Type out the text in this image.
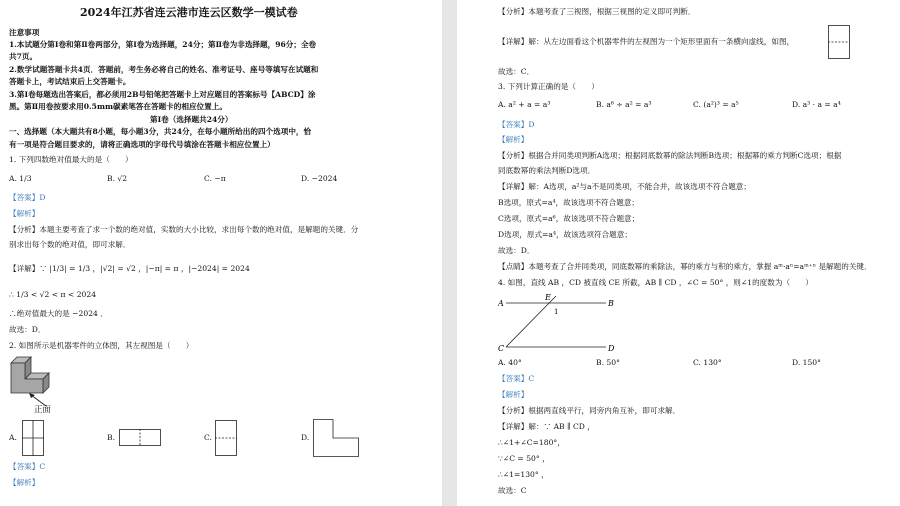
2024年江苏省连云港市连云区数学一模试卷
注意事项
1.本试题分第Ⅰ卷和第Ⅱ卷两部分，第Ⅰ卷为选择题，24分；第Ⅱ卷为非选择题，96分；全卷
共7页。
2.数学试题答题卡共4页．答题前，考生务必将自己的姓名、准考证号、座号等填写在试题和
答题卡上，考试结束后上交答题卡。
3.第Ⅰ卷每题选出答案后，都必须用2B号铅笔把答题卡上对应题目的答案标号【ABCD】涂
黑。第Ⅱ用卷按要求用0.5mm碳素笔答在答题卡的相应位置上。
第Ⅰ卷（选择题共24分）
一、选择题（本大题共有8小题，每小题3分，共24分，在每小题所给出的四个选项中，恰
有一项是符合题目要求的，请将正确选项的字母代号填涂在答题卡相应位置上）
1. 下列四数绝对值最大的是（　　）
A. 1/3	B. √2	C. −π	D. −2024
【答案】D
【解析】
【分析】本题主要考查了求一个数的绝对值，实数的大小比较，求出每个数的绝对值，是解题的关键．分
别求出每个数的绝对值，即可求解．
【详解】∵ |1/3| = 1/3 ，|√2| = √2 ，|−π| = π ，|−2024| = 2024
∴ 1/3 < √2 < π < 2024
∴绝对值最大的是 −2024 ．
故选：D．
2. 如图所示是机器零件的立体图，其左视图是（　　）
正面
A.	B.	C.	D.
【答案】C
【解析】
【分析】本题考查了三视图，根据三视图的定义即可判断．
【详解】解：从左边面看这个机器零件的左视图为一个矩形里面有一条横向虚线，如图，
故选：C．
3. 下列计算正确的是（　　）
A. a² + a = a³	B. a⁶ ÷ a² = a³	C. (a²)³ = a⁵	D. a³ · a = a⁴
【答案】D
【解析】
【分析】根据合并同类项判断A选项；根据同底数幂的除法判断B选项；根据幂的乘方判断C选项；根据
同底数幂的乘法判断D选项．
【详解】解：A选项，a²与a不是同类项，不能合并，故该选项不符合题意；
B选项，原式=a⁴，故该选项不符合题意；
C选项，原式=a⁶，故该选项不符合题意；
D选项，原式=a⁴，故该选项符合题意；
故选：D．
【点睛】本题考查了合并同类项，同底数幂的乘除法，幂的乘方与积的乘方，掌握 aᵐ·aⁿ=aᵐ⁺ⁿ 是解题的关键．
4. 如图，直线 AB ，CD 被直线 CE 所截，AB ∥ CD ，∠C = 50° ，则∠1的度数为（　　）
A	B
C	D
E
1
A. 40°	B. 50°	C. 130°	D. 150°
【答案】C
【解析】
【分析】根据两直线平行，同旁内角互补，即可求解．
【详解】解：∵ AB ∥ CD ，
∴∠1+∠C=180°，
∵∠C = 50° ，
∴∠1=130° ，
故选：C
